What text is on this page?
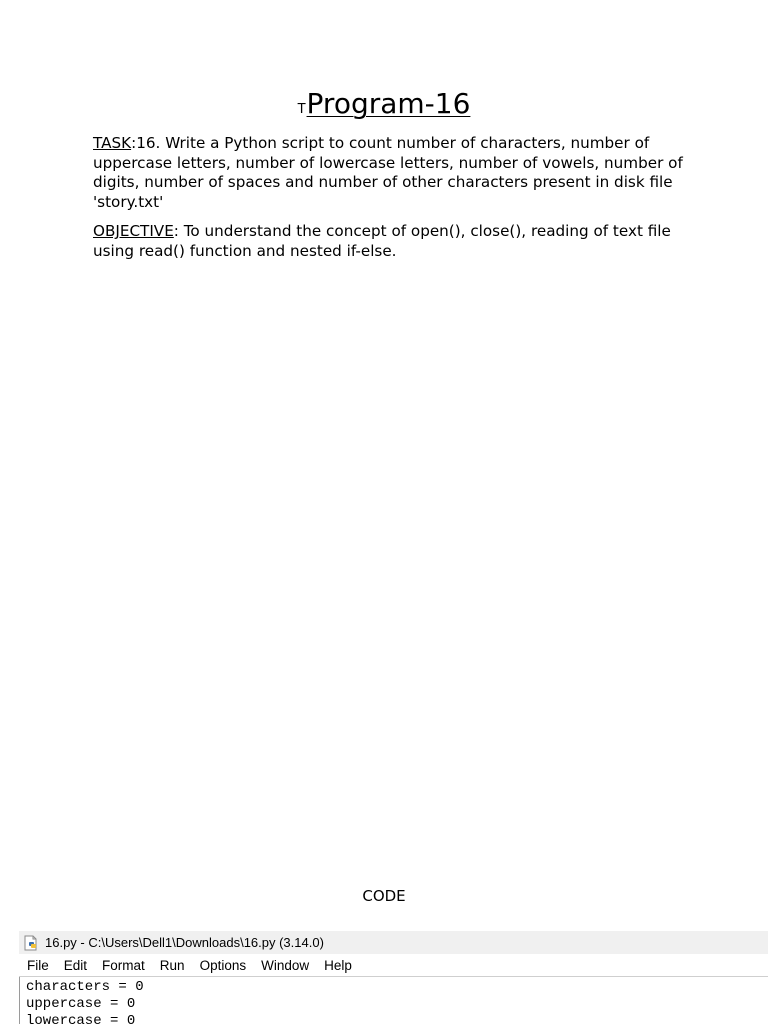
TProgram-16

TASK:16. Write a Python script to count number of characters, number of uppercase letters, number of lowercase letters, number of vowels, number of digits, number of spaces and number of other characters present in disk file 'story.txt'

OBJECTIVE: To understand the concept of open(), close(), reading of text file using read() function and nested if-else.

CODE
16.py - C:\Users\Dell1\Downloads\16.py (3.14.0)
File	Edit	Format	Run	Options	Window	Help
characters = 0
uppercase = 0
lowercase = 0
